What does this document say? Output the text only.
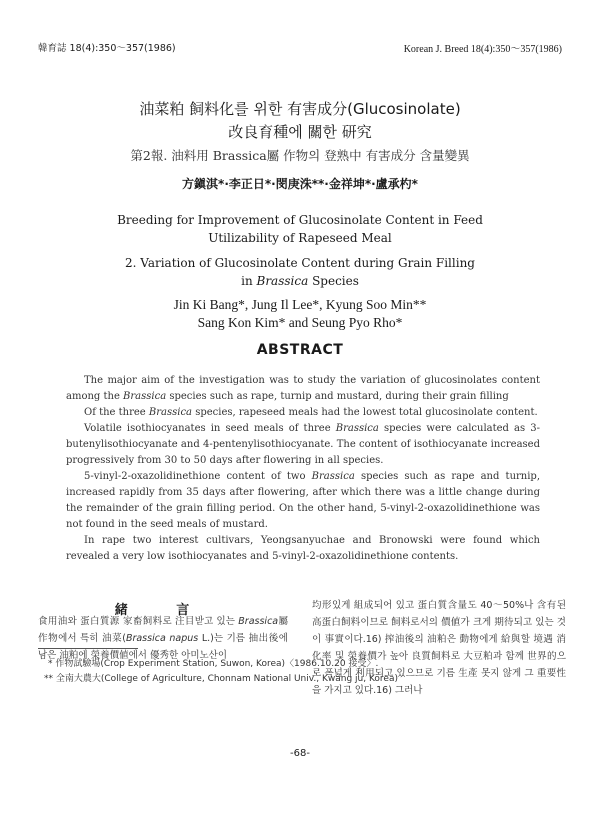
韓育誌 18(4):350～357(1986)	Korean J. Breed 18(4):350～357(1986)
油菜粕 飼料化를 위한 有害成分(Glucosinolate)
改良育種에 關한 研究
第2報. 油料用 Brassica屬 作物의 登熟中 有害成分 含量變異
方鎭淇*·李正日*·閔庚洙**·金祥坤*·盧承杓*
Breeding for Improvement of Glucosinolate Content in Feed
Utilizability of Rapeseed Meal
2. Variation of Glucosinolate Content during Grain Filling
in Brassica Species
Jin Ki Bang*, Jung Il Lee*, Kyung Soo Min**
Sang Kon Kim* and Seung Pyo Rho*
ABSTRACT

The major aim of the investigation was to study the variation of glucosinolates content among the Brassica species such as rape, turnip and mustard, during their grain filling

Of the three Brassica species, rapeseed meals had the lowest total glucosinolate content.

Volatile isothiocyanates in seed meals of three Brassica species were calculated as 3-butenylisothiocyanate and 4-pentenylisothiocyanate. The content of isothiocyanate increased progressively from 30 to 50 days after flowering in all species.

5-vinyl-2-oxazolidinethione content of two Brassica species such as rape and turnip, increased rapidly from 35 days after flowering, after which there was a little change during the remainder of the grain filling period. On the other hand, 5-vinyl-2-oxazolidinethione was not found in the seed meals of mustard.

In rape two interest cultivars, Yeongsanyuchae and Bronowski were found which revealed a very low isothiocyanates and 5-vinyl-2-oxazolidinethione contents.

緒 言

食用油와 蛋白質源 家畜飼料로 注目받고 있는 Brassica屬 作物에서 특히 油菜(Brassica napus L.)는 기름 抽出後에 남은 油粕에 榮養價値에서 優秀한 아미노산이

均形있게 組成되어 있고 蛋白質含量도 40～50%나 含有된 高蛋白飼料이므로 飼料로서의 價値가 크게 期待되고 있는 것이 事實이다.16) 搾油後의 油粕은 動物에게 給與할 境遇 消化率 및 榮養價가 높아 良質飼料로 大豆粕과 함께 世界的으로 폭넓게 利用되고 있으므로 기름 生產 못지 않게 그 重要性을 가지고 있다.16) 그러나

* 作物試驗場(Crop Experiment Station, Suwon, Korea)〈1986.10.20 接受〉.
** 全南大農大(College of Agriculture, Chonnam National Univ., Kwang ju, Korea)
-68-
